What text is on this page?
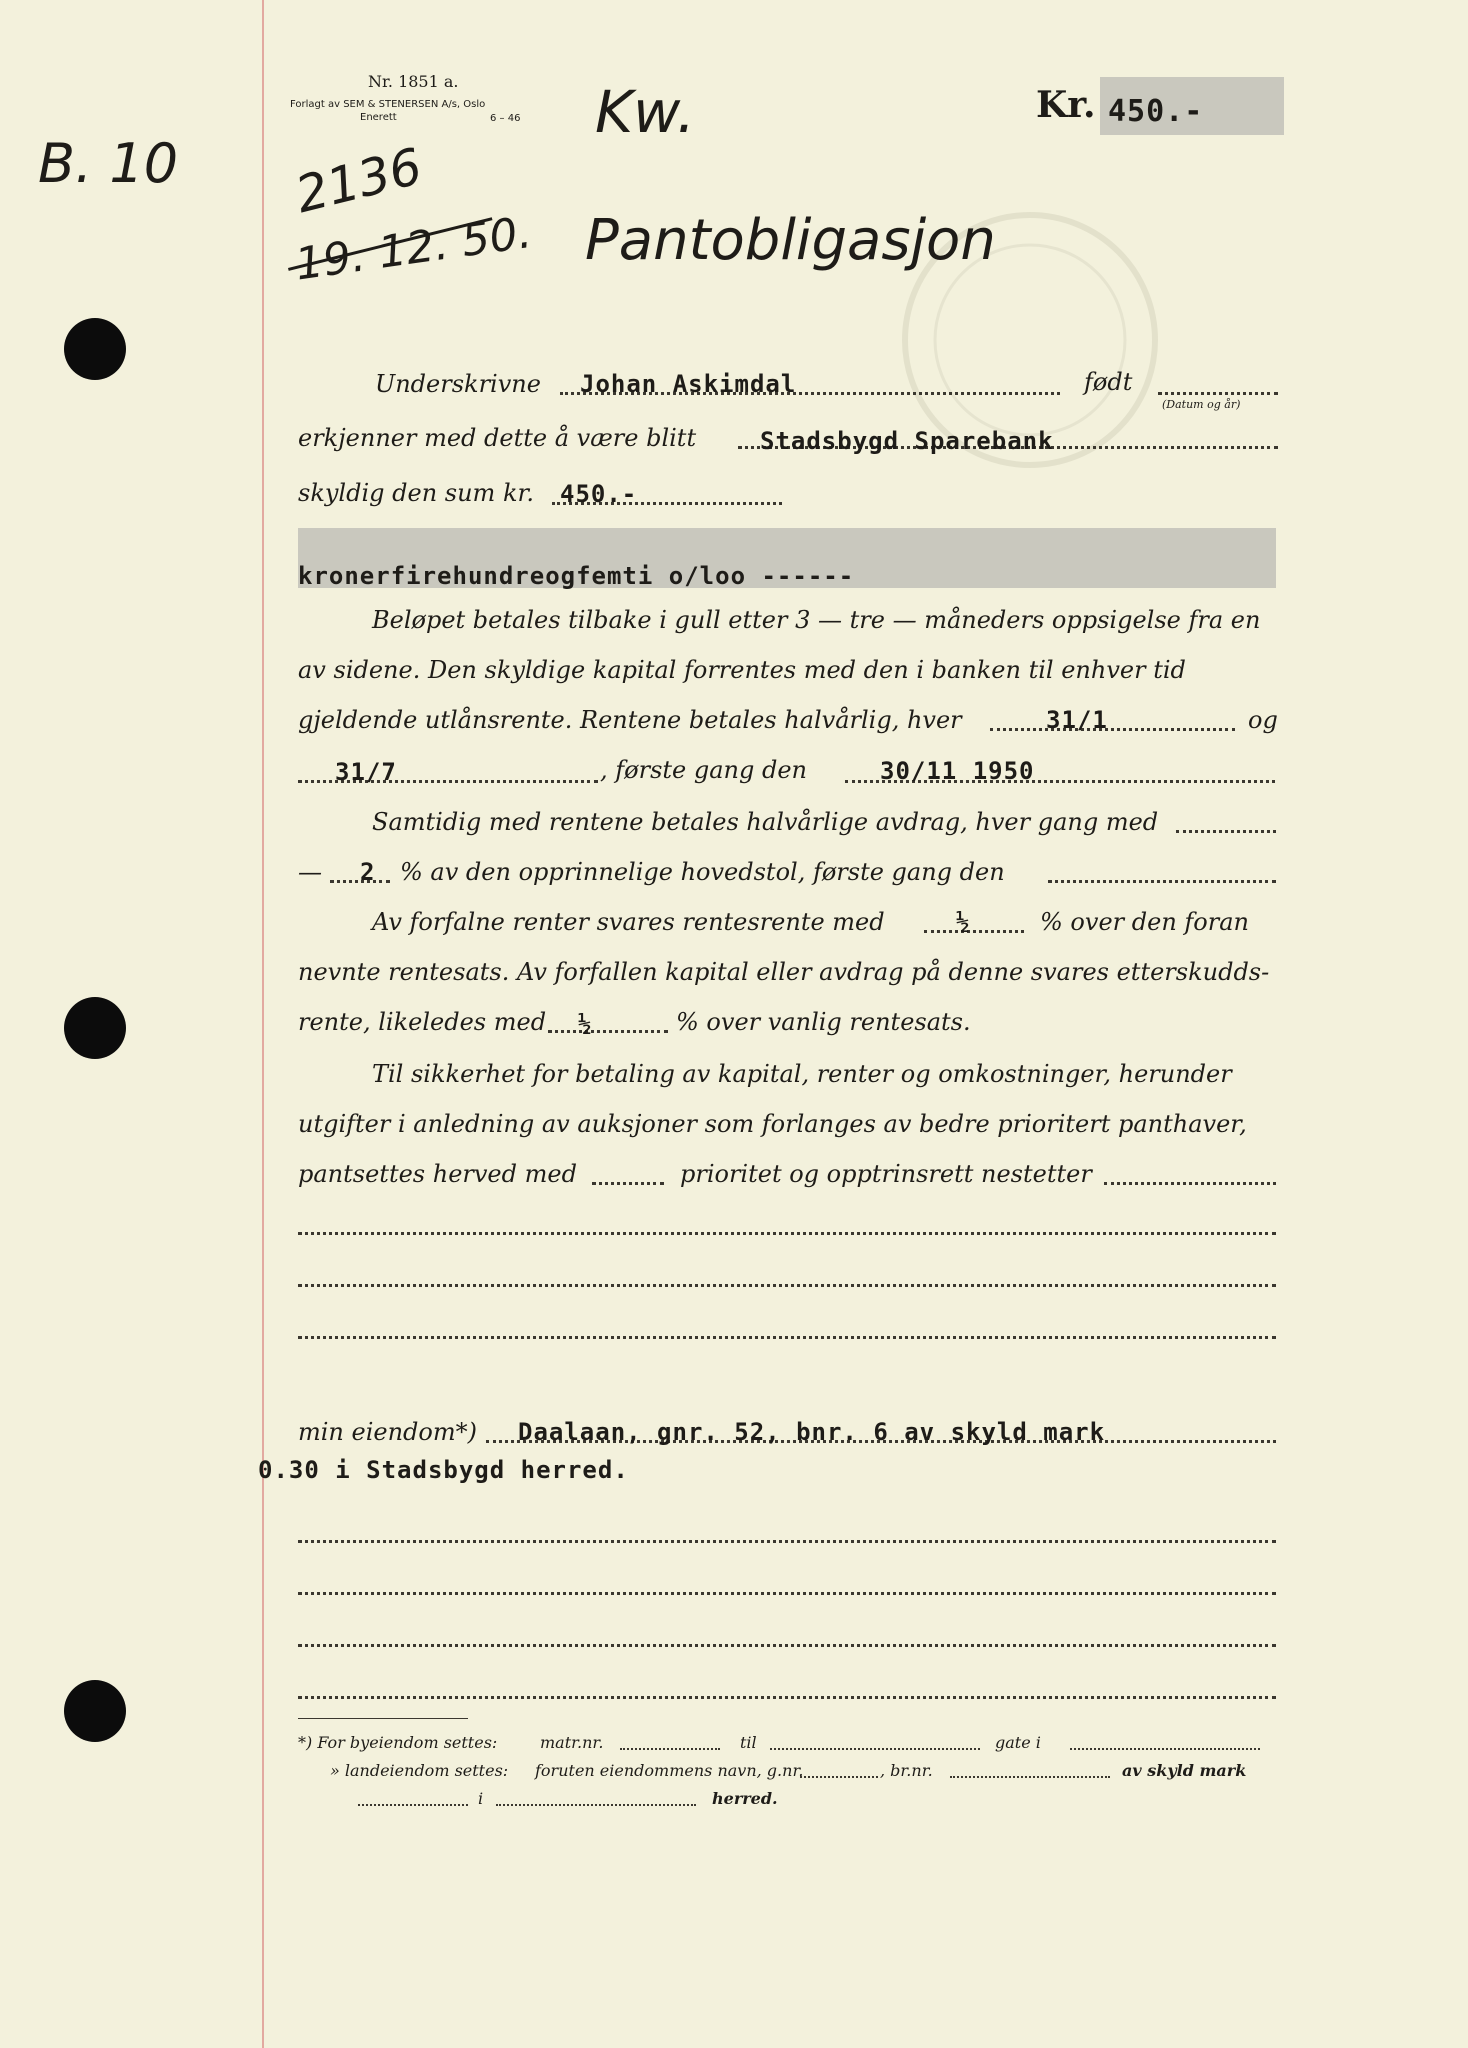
Nr. 1851 a.
Forlagt av SEM & STENERSEN A/s, Oslo
Enerett	6 – 46
B. 10 2136
19. 12. 50.
Kw.	Kr. 450.-
Pantobligasjon
Underskrivne Johan Askimdal	født
(Datum og år)
erkjenner med dette å være blitt	Stadsbygd Sparebank
skyldig den sum kr. 450.-
kronerfirehundreogfemti o/loo ------
Beløpet betales tilbake i gull etter 3 — tre — måneders oppsigelse fra en
av sidene. Den skyldige kapital forrentes med den i banken til enhver tid
gjeldende utlånsrente. Rentene betales halvårlig, hver	31/1	og
31/7	, første gang den	30/11 1950
Samtidig med rentene betales halvårlige avdrag, hver gang med
— 2 % av den opprinnelige hovedstol, første gang den
Av forfalne renter svares rentesrente med	½	% over den foran
nevnte rentesats. Av forfallen kapital eller avdrag på denne svares etterskudds-
rente, likeledes med ½	% over vanlig rentesats.
Til sikkerhet for betaling av kapital, renter og omkostninger, herunder
utgifter i anledning av auksjoner som forlanges av bedre prioritert panthaver,
pantsettes herved med	prioritet og opptrinsrett nestetter
min eiendom*) Daalaan, gnr. 52, bnr. 6 av skyld mark
0.30 i Stadsbygd herred.
*) For byeiendom settes:	matr.nr.	til	gate i
» landeiendom settes: foruten eiendommens navn, g.nr.	, br.nr.	av skyld mark
i	herred.
